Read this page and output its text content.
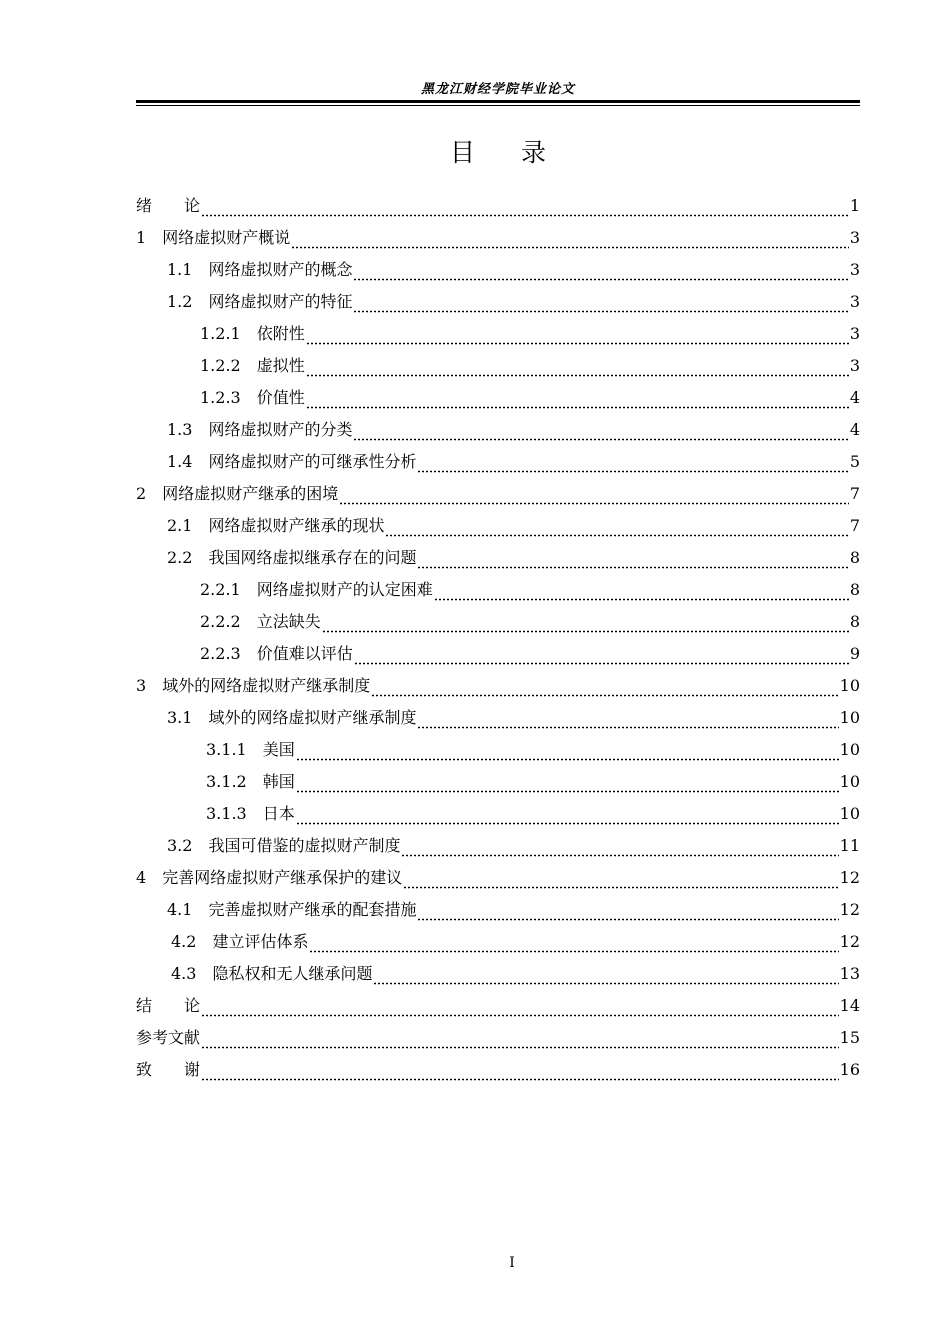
黑龙江财经学院毕业论文
目 录
绪　　论	1
1 网络虚拟财产概说	3
1.1 网络虚拟财产的概念	3
1.2 网络虚拟财产的特征	3
1.2.1 依附性	3
1.2.2 虚拟性	3
1.2.3 价值性	4
1.3 网络虚拟财产的分类	4
1.4 网络虚拟财产的可继承性分析	5
2 网络虚拟财产继承的困境	7
2.1 网络虚拟财产继承的现状	7
2.2 我国网络虚拟继承存在的问题	8
2.2.1 网络虚拟财产的认定困难	8
2.2.2 立法缺失	8
2.2.3 价值难以评估	9
3 域外的网络虚拟财产继承制度	10
3.1 域外的网络虚拟财产继承制度	10
3.1.1 美国	10
3.1.2 韩国	10
3.1.3 日本	10
3.2 我国可借鉴的虚拟财产制度	11
4 完善网络虚拟财产继承保护的建议	12
4.1 完善虚拟财产继承的配套措施	12
4.2 建立评估体系	12
4.3 隐私权和无人继承问题	13
结　　论	14
参考文献	15
致　　谢	16
I
